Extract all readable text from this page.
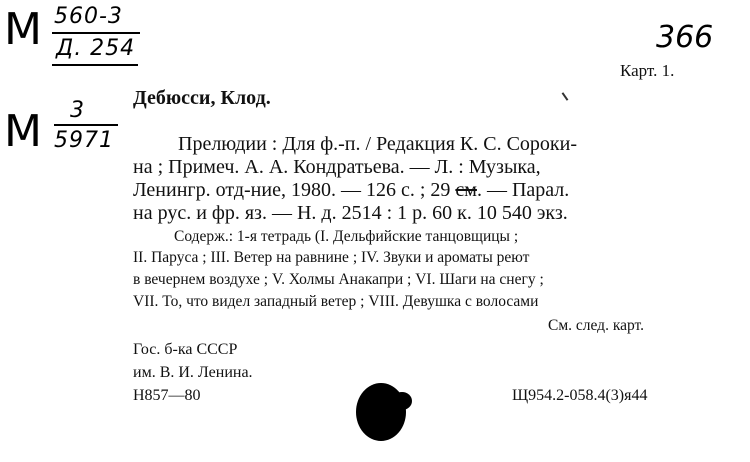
М 560-3
Д. 254
М 3
5971
366
Карт. 1.
Дебюсси, Клод.
Прелюдии : Для ф.-п. / Редакция К. С. Сороки-
на ; Примеч. А. А. Кондратьева. — Л. : Музыка,
Ленингр. отд-ние, 1980. — 126 с. ; 29 см. — Парал.
на рус. и фр. яз. — Н. д. 2514 : 1 р. 60 к. 10 540 экз.
Содерж.: 1-я тетрадь (I. Дельфийские танцовщицы ;
II. Паруса ; III. Ветер на равнине ; IV. Звуки и ароматы реют
в вечернем воздухе ; V. Холмы Анакапри ; VI. Шаги на снегу ;
VII. То, что видел западный ветер ; VIII. Девушка с волосами
См. след. карт.
Гос. б-ка СССР
им. В. И. Ленина.
Н857—80	Щ954.2-058.4(3)я44
